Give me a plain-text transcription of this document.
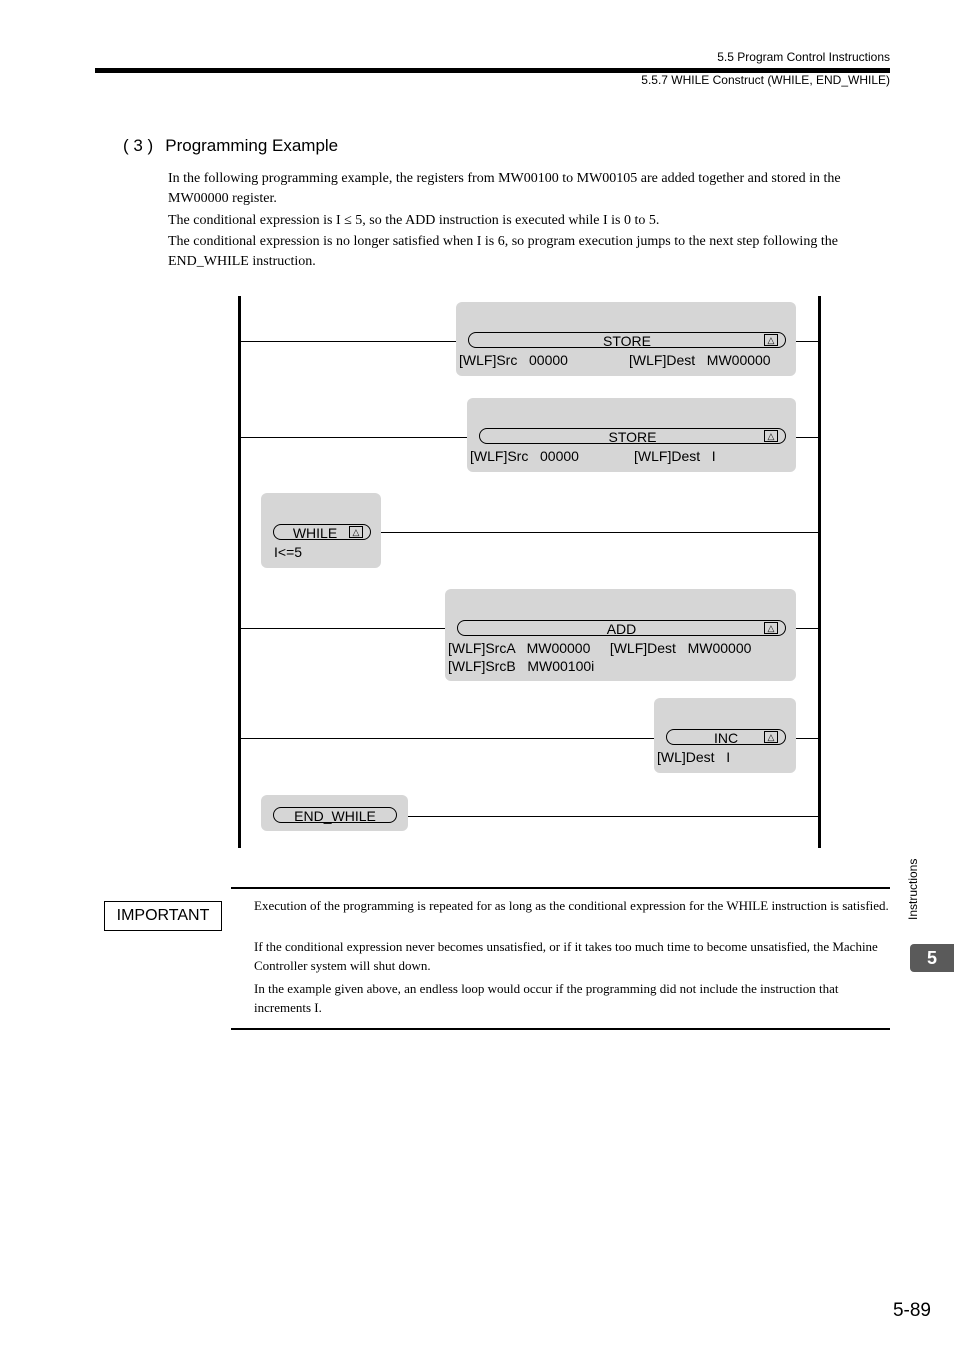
5.5 Program Control Instructions
5.5.7 WHILE Construct (WHILE, END_WHILE)
( 3 ) Programming Example
In the following programming example, the registers from MW00100 to MW00105 are added together and stored in the MW00000 register.
The conditional expression is I ≤ 5, so the ADD instruction is executed while I is 0 to 5.
The conditional expression is no longer satisfied when I is 6, so program execution jumps to the next step following the END_WHILE instruction.
STORE	△
[WLF]Src   00000	[WLF]Dest   MW00000
STORE	△
[WLF]Src   00000	[WLF]Dest   I
WHILE	△
I<=5
ADD	△
[WLF]SrcA   MW00000     [WLF]Dest   MW00000
[WLF]SrcB   MW00100i
INC	△
[WL]Dest   I
END_WHILE
IMPORTANT
Execution of the programming is repeated for as long as the conditional expression for the WHILE instruction is satisfied.
If the conditional expression never becomes unsatisfied, or if it takes too much time to become unsatisfied, the Machine Controller system will shut down.
In the example given above, an endless loop would occur if the programming did not include the instruction that increments I.
Instructions
5
5-89
